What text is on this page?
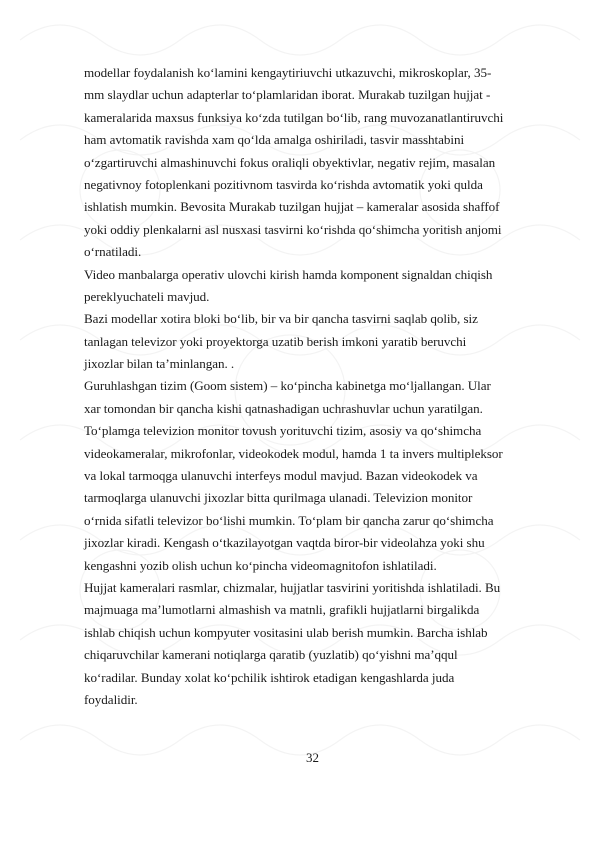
modellar foydalanish ko‘lamini kengaytiriuvchi utkazuvchi, mikroskoplar, 35-
mm slaydlar uchun adapterlar to‘plamlaridan iborat. Murakab tuzilgan hujjat -
kameralarida maxsus funksiya ko‘zda tutilgan bo‘lib, rang muvozanatlantiruvchi
ham avtomatik ravishda xam qo‘lda amalga oshiriladi, tasvir masshtabini
o‘zgartiruvchi almashinuvchi fokus oraliqli obyektivlar, negativ rejim, masalan
negativnoy fotoplenkani pozitivnom tasvirda ko‘rishda avtomatik yoki qulda
ishlatish mumkin. Bevosita Murakab tuzilgan hujjat – kameralar asosida shaffof
yoki oddiy plenkalarni asl nusxasi tasvirni ko‘rishda qo‘shimcha yoritish anjomi
o‘rnatiladi.
Video manbalarga operativ ulovchi kirish hamda komponent signaldan chiqish
pereklyuchateli mavjud.
Bazi modellar xotira bloki bo‘lib, bir va bir qancha tasvirni saqlab qolib, siz
tanlagan televizor yoki proyektorga uzatib berish imkoni yaratib beruvchi
jixozlar bilan ta’minlangan. .
Guruhlashgan tizim (Goom sistem) – ko‘pincha kabinetga mo‘ljallangan. Ular
xar tomondan bir qancha kishi qatnashadigan uchrashuvlar uchun yaratilgan.
To‘plamga televizion monitor tovush yorituvchi tizim, asosiy va qo‘shimcha
videokameralar, mikrofonlar, videokodek modul, hamda 1 ta invers multipleksor
va lokal tarmoqga ulanuvchi interfeys modul mavjud. Bazan videokodek va
tarmoqlarga ulanuvchi jixozlar bitta qurilmaga ulanadi. Televizion monitor
o‘rnida sifatli televizor bo‘lishi mumkin. To‘plam bir qancha zarur qo‘shimcha
jixozlar kiradi. Kengash o‘tkazilayotgan vaqtda biror-bir videolahza yoki shu
kengashni yozib olish uchun ko‘pincha videomagnitofon ishlatiladi.
Hujjat kameralari rasmlar, chizmalar, hujjatlar tasvirini yoritishda ishlatiladi. Bu
majmuaga ma’lumotlarni almashish va matnli, grafikli hujjatlarni birgalikda
ishlab chiqish uchun kompyuter vositasini ulab berish mumkin. Barcha ishlab
chiqaruvchilar kamerani notiqlarga qaratib (yuzlatib) qo‘yishni ma’qqul
ko‘radilar. Bunday xolat ko‘pchilik ishtirok etadigan kengashlarda juda
foydalidir.
32
